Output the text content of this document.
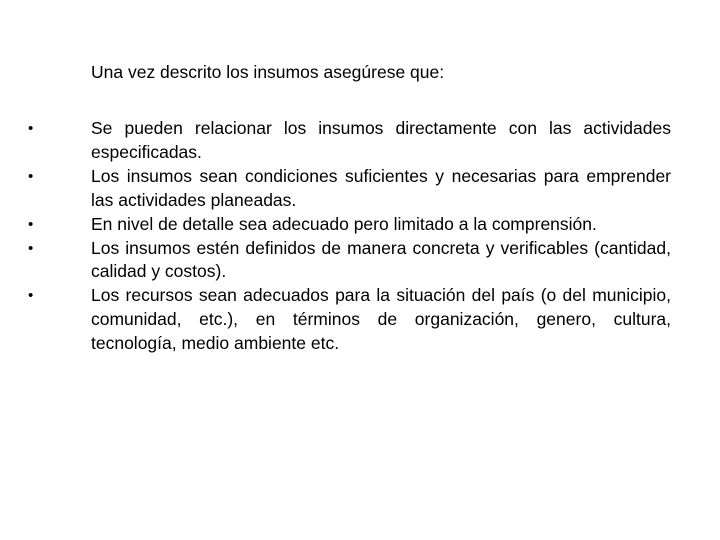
Una vez descrito los insumos asegúrese que:
•	Se pueden relacionar los insumos directamente con las actividades especificadas.
•	Los insumos sean condiciones suficientes y necesarias para emprender las actividades planeadas.
•	En nivel de detalle sea adecuado pero limitado a la comprensión.
•	Los insumos estén definidos de manera concreta y verificables (cantidad, calidad y costos).
•	Los recursos sean adecuados para la situación del país (o del municipio, comunidad, etc.), en términos de organización, genero, cultura, tecnología, medio ambiente etc.
